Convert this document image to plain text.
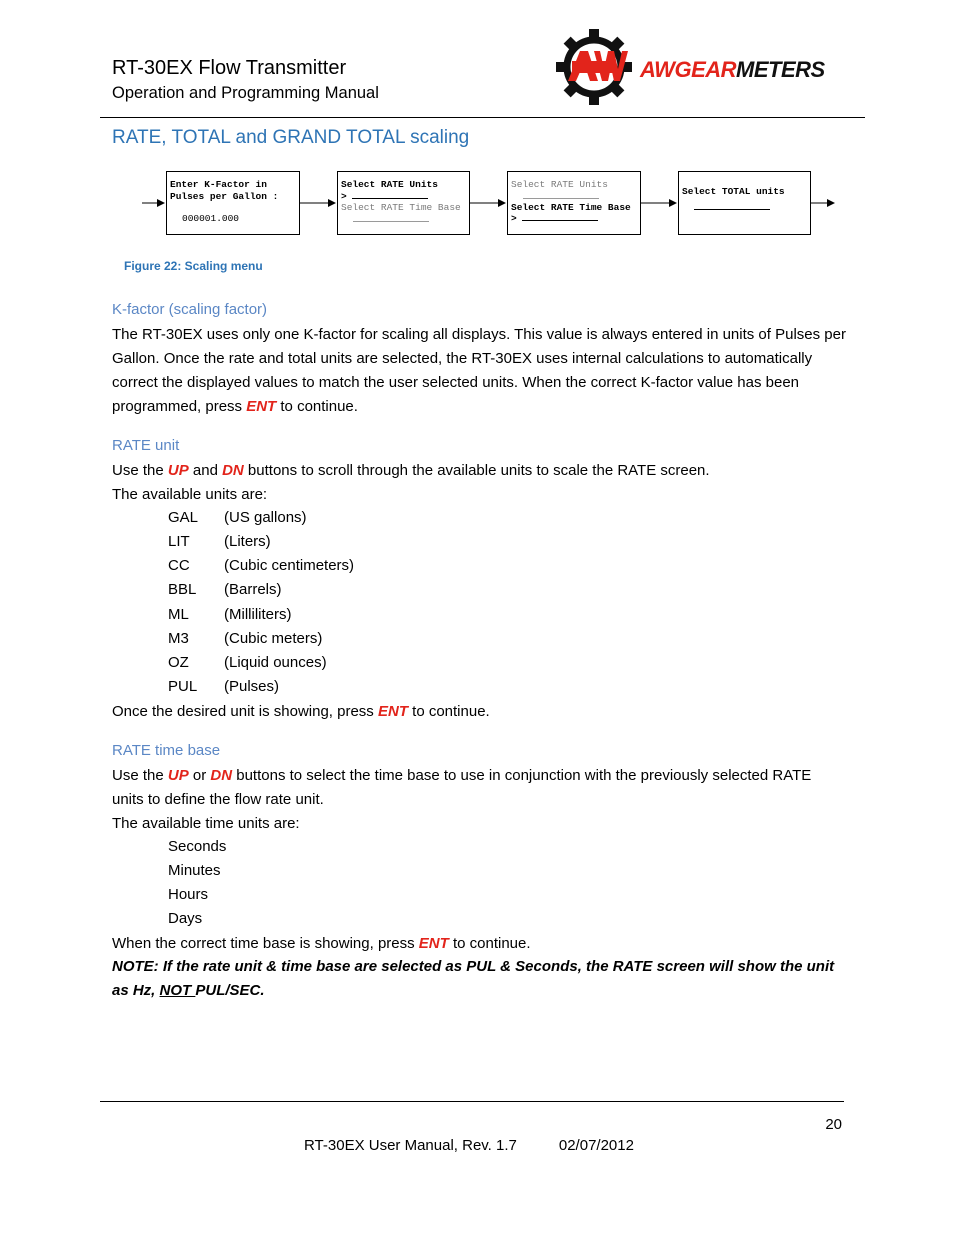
RT-30EX Flow Transmitter
Operation and Programming Manual
AWGEARMETERS
RATE, TOTAL and GRAND TOTAL scaling
Enter K-Factor in
Pulses per Gallon :
000001.000
Select RATE Units
>
Select RATE Time Base
Select RATE Units
Select RATE Time Base
>
Select TOTAL units
Figure 22: Scaling menu
K-factor (scaling factor)

The RT-30EX uses only one K-factor for scaling all displays. This value is always entered in units of Pulses per Gallon. Once the rate and total units are selected, the RT-30EX uses internal calculations to automatically correct the displayed values to match the user selected units. When the correct K-factor value has been programmed, press ENT to continue.

RATE unit

Use the UP and DN buttons to scroll through the available units to scale the RATE screen.

The available units are:

GAL (US gallons)
LIT (Liters)
CC (Cubic centimeters)
BBL (Barrels)
ML (Milliliters)
M3 (Cubic meters)
OZ (Liquid ounces)
PUL (Pulses)

Once the desired unit is showing, press ENT to continue.

RATE time base

Use the UP or DN buttons to select the time base to use in conjunction with the previously selected RATE units to define the flow rate unit.

The available time units are:

Seconds
Minutes
Hours
Days

When the correct time base is showing, press ENT to continue.

NOTE: If the rate unit & time base are selected as PUL & Seconds, the RATE screen will show the unit as Hz, NOT PUL/SEC.

20
RT-30EX User Manual, Rev. 1.7	02/07/2012
